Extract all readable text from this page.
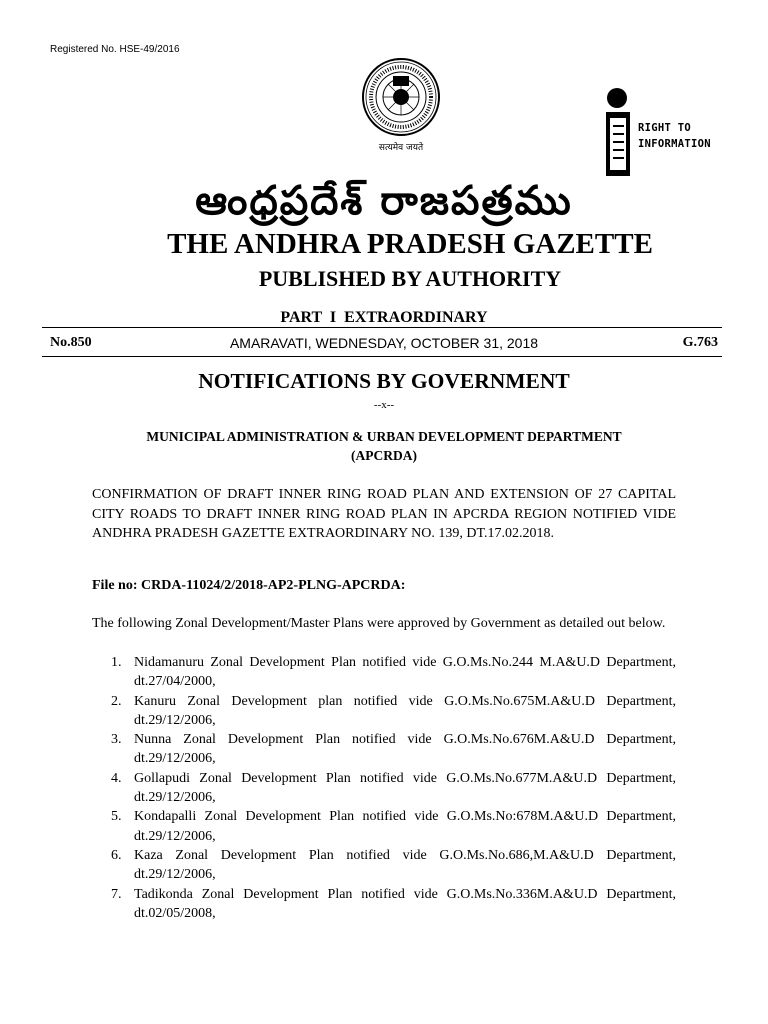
Registered No. HSE-49/2016
सत्यमेव जयते
RIGHT TO
INFORMATION
ఆంధ్రప్రదేశ్ రాజపత్రము
THE ANDHRA PRADESH GAZETTE
PUBLISHED BY AUTHORITY
PART I EXTRAORDINARY
No.850	AMARAVATI, WEDNESDAY, OCTOBER 31, 2018	G.763
NOTIFICATIONS BY GOVERNMENT
--x--
MUNICIPAL ADMINISTRATION & URBAN DEVELOPMENT DEPARTMENT
(APCRDA)
CONFIRMATION OF DRAFT INNER RING ROAD PLAN AND EXTENSION OF 27 CAPITAL CITY ROADS TO DRAFT INNER RING ROAD PLAN IN APCRDA REGION NOTIFIED VIDE ANDHRA PRADESH GAZETTE EXTRAORDINARY NO. 139, DT.17.02.2018.
File no: CRDA-11024/2/2018-AP2-PLNG-APCRDA:
The following Zonal Development/Master Plans were approved by Government as detailed out below.
1. Nidamanuru Zonal Development Plan notified vide G.O.Ms.No.244 M.A&U.D Department, dt.27/04/2000,
2. Kanuru Zonal Development plan notified vide G.O.Ms.No.675M.A&U.D Department, dt.29/12/2006,
3. Nunna Zonal Development Plan notified vide G.O.Ms.No.676M.A&U.D Department, dt.29/12/2006,
4. Gollapudi Zonal Development Plan notified vide G.O.Ms.No.677M.A&U.D Department, dt.29/12/2006,
5. Kondapalli Zonal Development Plan notified vide G.O.Ms.No:678M.A&U.D Department, dt.29/12/2006,
6. Kaza Zonal Development Plan notified vide G.O.Ms.No.686,M.A&U.D Department, dt.29/12/2006,
7. Tadikonda Zonal Development Plan notified vide G.O.Ms.No.336M.A&U.D Department, dt.02/05/2008,
